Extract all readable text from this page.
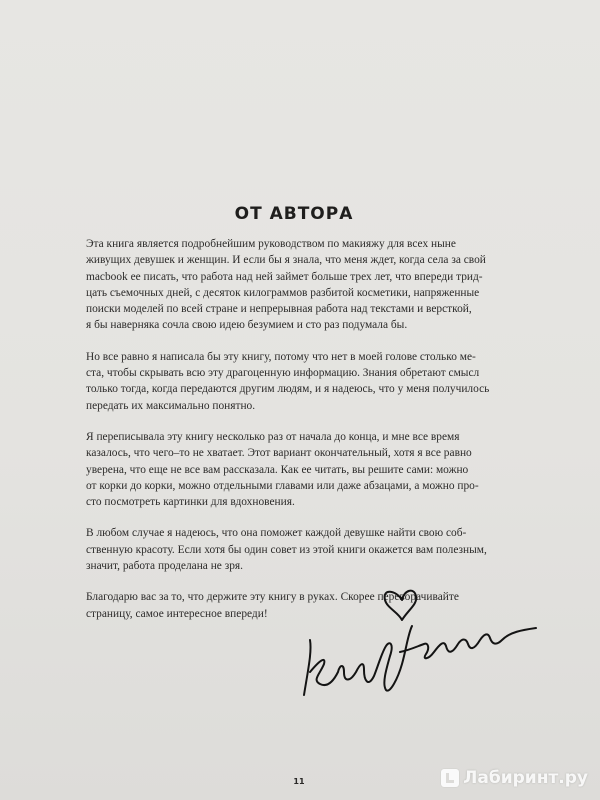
ОТ АВТОРА

Эта книга является подробнейшим руководством по макияжу для всех ныне
живущих девушек и женщин. И если бы я знала, что меня ждет, когда села за свой
macbook ее писать, что работа над ней займет больше трех лет, что впереди трид-
цать съемочных дней, с десяток килограммов разбитой косметики, напряженные
поиски моделей по всей стране и непрерывная работа над текстами и версткой,
я бы наверняка сочла свою идею безумием и сто раз подумала бы.

Но все равно я написала бы эту книгу, потому что нет в моей голове столько ме-
ста, чтобы скрывать всю эту драгоценную информацию. Знания обретают смысл
только тогда, когда передаются другим людям, и я надеюсь, что у меня получилось
передать их максимально понятно.

Я переписывала эту книгу несколько раз от начала до конца, и мне все время
казалось, что чего–то не хватает. Этот вариант окончательный, хотя я все равно
уверена, что еще не все вам рассказала. Как ее читать, вы решите сами: можно
от корки до корки, можно отдельными главами или даже абзацами, а можно про-
сто посмотреть картинки для вдохновения.

В любом случае я надеюсь, что она поможет каждой девушке найти свою соб-
ственную красоту. Если хотя бы один совет из этой книги окажется вам полезным,
значит, работа проделана не зря.

Благодарю вас за то, что держите эту книгу в руках. Скорее переворачивайте
страницу, самое интересное впереди!

11	Лабиринт.ру
